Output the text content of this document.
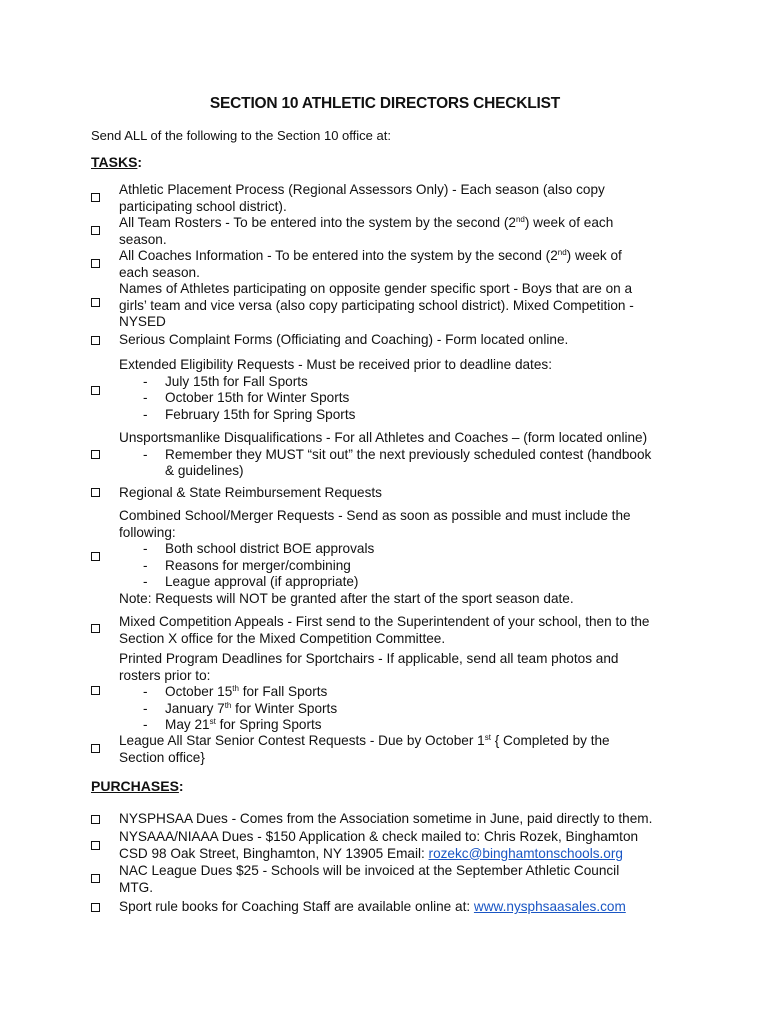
SECTION 10 ATHLETIC DIRECTORS CHECKLIST
Send ALL of the following to the Section 10 office at:
TASKS:
Athletic Placement Process (Regional Assessors Only) - Each season (also copy
participating school district).
All Team Rosters - To be entered into the system by the second (2nd) week of each
season.
All Coaches Information - To be entered into the system by the second (2nd) week of
each season.
Names of Athletes participating on opposite gender specific sport - Boys that are on a
girls’ team and vice versa (also copy participating school district). Mixed Competition -
NYSED
Serious Complaint Forms (Officiating and Coaching) - Form located online.
Extended Eligibility Requests - Must be received prior to deadline dates:
-	July 15th for Fall Sports
-	October 15th for Winter Sports
-	February 15th for Spring Sports
Unsportsmanlike Disqualifications - For all Athletes and Coaches – (form located online)
-	Remember they MUST “sit out” the next previously scheduled contest (handbook
& guidelines)
Regional & State Reimbursement Requests
Combined School/Merger Requests - Send as soon as possible and must include the
following:
-	Both school district BOE approvals
-	Reasons for merger/combining
-	League approval (if appropriate)
Note: Requests will NOT be granted after the start of the sport season date.
Mixed Competition Appeals - First send to the Superintendent of your school, then to the
Section X office for the Mixed Competition Committee.
Printed Program Deadlines for Sportchairs - If applicable, send all team photos and
rosters prior to:
-	October 15th for Fall Sports
-	January 7th for Winter Sports
-	May 21st for Spring Sports
League All Star Senior Contest Requests - Due by October 1st { Completed by the
Section office}
PURCHASES:
NYSPHSAA Dues - Comes from the Association sometime in June, paid directly to them.
NYSAAA/NIAAA Dues - $150 Application & check mailed to: Chris Rozek, Binghamton
CSD 98 Oak Street, Binghamton, NY 13905 Email: rozekc@binghamtonschools.org
NAC League Dues $25 - Schools will be invoiced at the September Athletic Council
MTG.
Sport rule books for Coaching Staff are available online at: www.nysphsaasales.com
